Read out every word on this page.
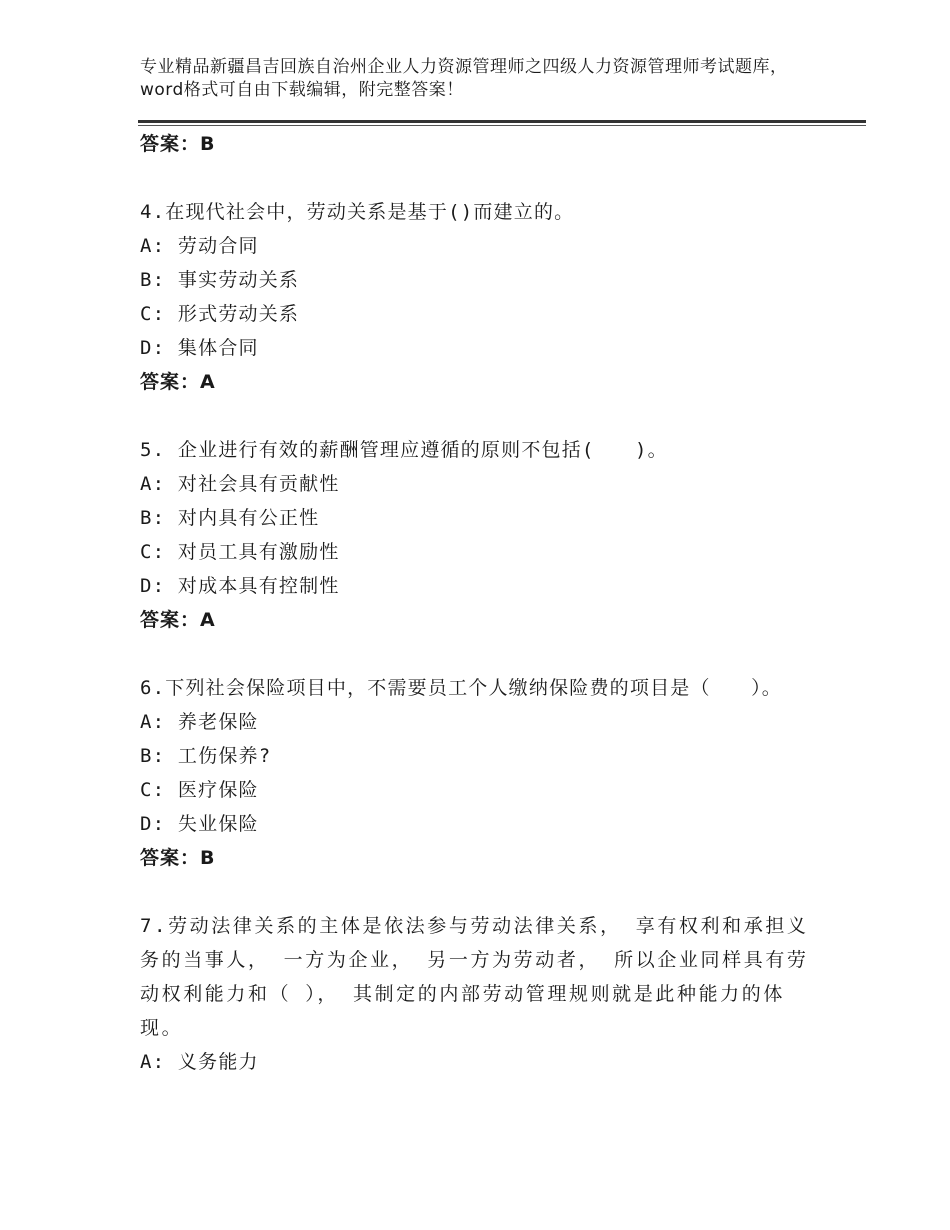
专业精品新疆昌吉回族自治州企业人力资源管理师之四级人力资源管理师考试题库，word格式可自由下载编辑，附完整答案！
答案：B
4.在现代社会中，劳动关系是基于()而建立的。
A: 劳动合同
B: 事实劳动关系
C: 形式劳动关系
D: 集体合同
答案：A
5. 企业进行有效的薪酬管理应遵循的原则不包括(　　)。
A: 对社会具有贡献性
B: 对内具有公正性
C: 对员工具有激励性
D: 对成本具有控制性
答案：A
6.下列社会保险项目中，不需要员工个人缴纳保险费的项目是（　　）。
A: 养老保险
B: 工伤保养?
C: 医疗保险
D: 失业保险
答案：B
7.劳动法律关系的主体是依法参与劳动法律关系， 享有权利和承担义务的当事人， 一方为企业， 另一方为劳动者， 所以企业同样具有劳动权利能力和（ ）， 其制定的内部劳动管理规则就是此种能力的体现。
A: 义务能力
